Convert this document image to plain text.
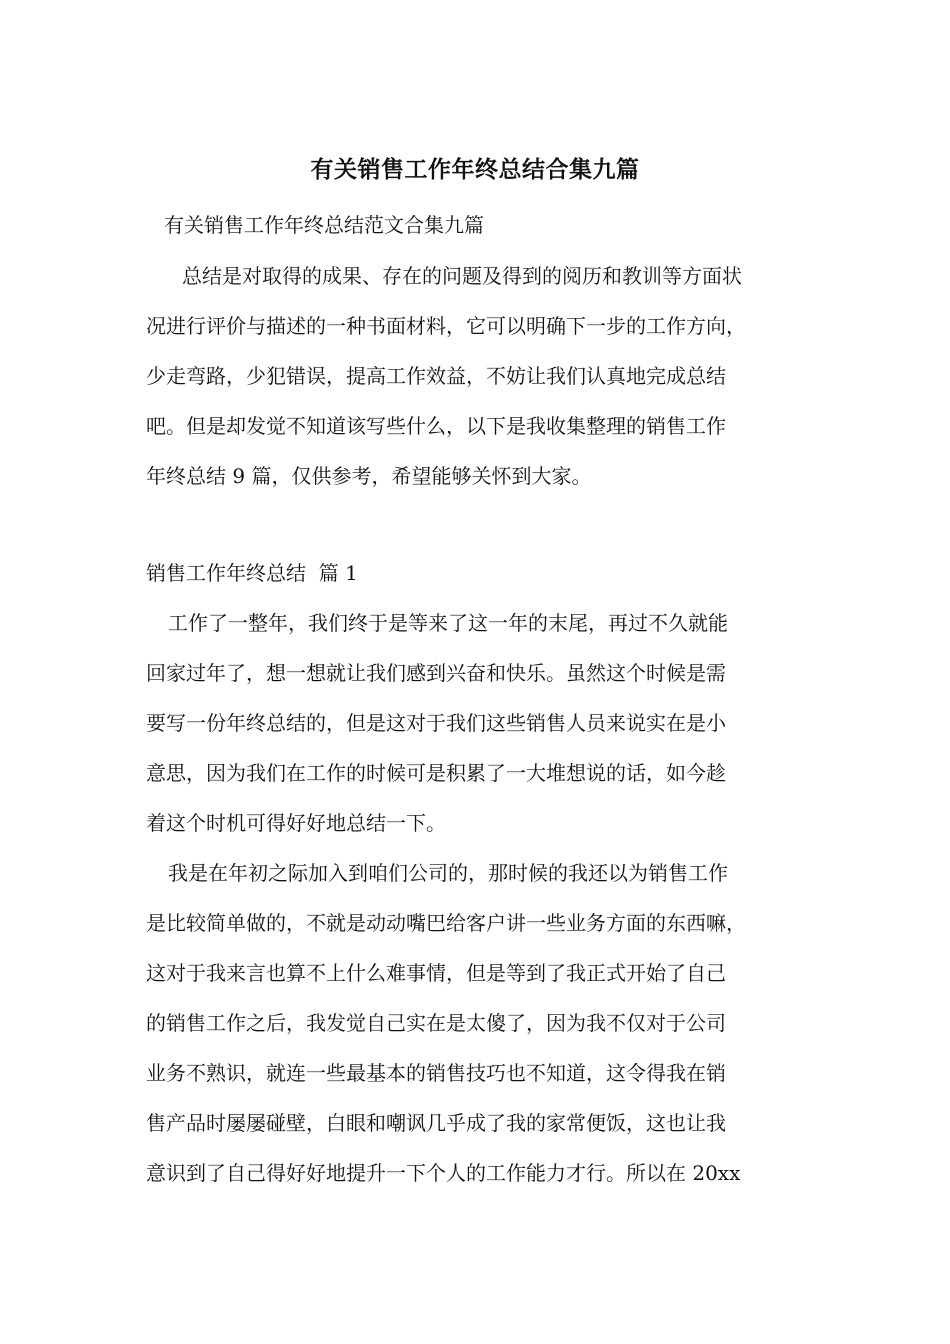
有关销售工作年终总结合集九篇
有关销售工作年终总结范文合集九篇
总结是对取得的成果、存在的问题及得到的阅历和教训等方面状
况进行评价与描述的一种书面材料，它可以明确下一步的工作方向，
少走弯路，少犯错误，提高工作效益，不妨让我们认真地完成总结
吧。但是却发觉不知道该写些什么，以下是我收集整理的销售工作
年终总结 9 篇，仅供参考，希望能够关怀到大家。
销售工作年终总结  篇 1
工作了一整年，我们终于是等来了这一年的末尾，再过不久就能
回家过年了，想一想就让我们感到兴奋和快乐。虽然这个时候是需
要写一份年终总结的，但是这对于我们这些销售人员来说实在是小
意思，因为我们在工作的时候可是积累了一大堆想说的话，如今趁
着这个时机可得好好地总结一下。
我是在年初之际加入到咱们公司的，那时候的我还以为销售工作
是比较简单做的，不就是动动嘴巴给客户讲一些业务方面的东西嘛，
这对于我来言也算不上什么难事情，但是等到了我正式开始了自己
的销售工作之后，我发觉自己实在是太傻了，因为我不仅对于公司
业务不熟识，就连一些最基本的销售技巧也不知道，这令得我在销
售产品时屡屡碰壁，白眼和嘲讽几乎成了我的家常便饭，这也让我
意识到了自己得好好地提升一下个人的工作能力才行。所以在 20xx
